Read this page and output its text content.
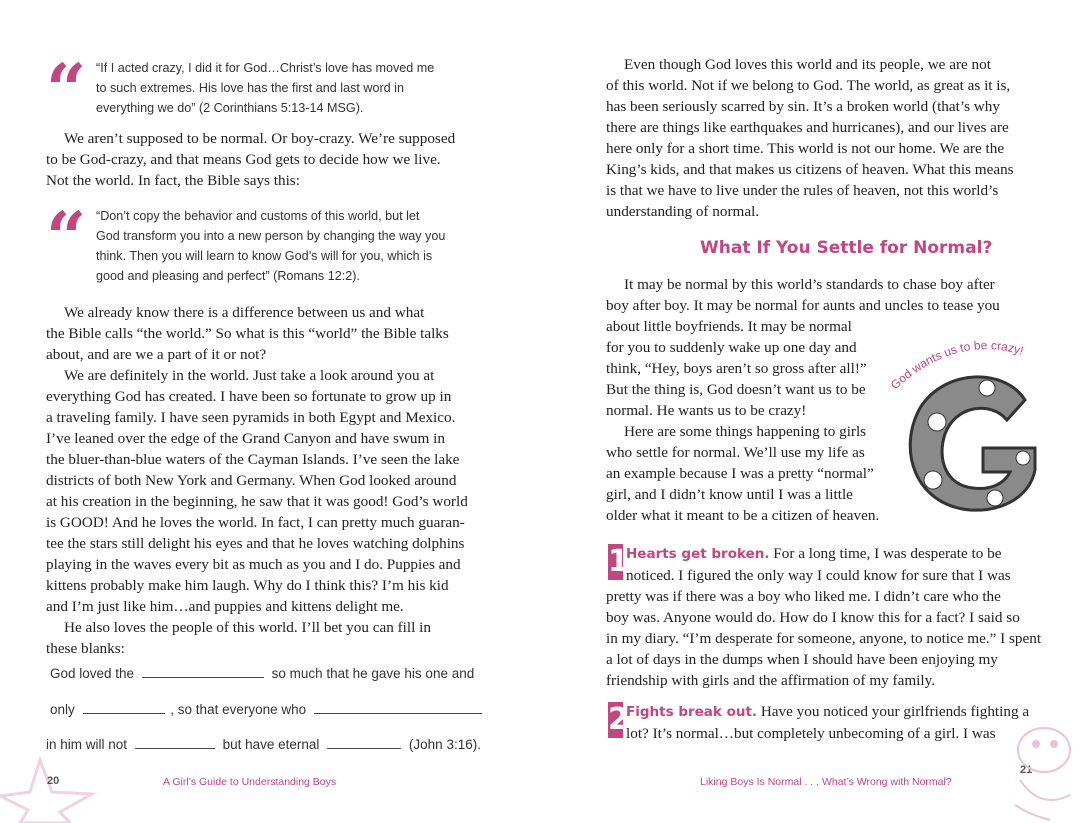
“ “If I acted crazy, I did it for God…Christ’s love has moved me
to such extremes. His love has the first and last word in
everything we do” (2 Corinthians 5:13-14 MSG).

We aren’t supposed to be normal. Or boy-crazy. We’re supposed

to be God-crazy, and that means God gets to decide how we live.

Not the world. In fact, the Bible says this:

“ “Don’t copy the behavior and customs of this world, but let
God transform you into a new person by changing the way you
think. Then you will learn to know God’s will for you, which is
good and pleasing and perfect” (Romans 12:2).

We already know there is a difference between us and what

the Bible calls “the world.” So what is this “world” the Bible talks

about, and are we a part of it or not?

We are definitely in the world. Just take a look around you at

everything God has created. I have been so fortunate to grow up in

a traveling family. I have seen pyramids in both Egypt and Mexico.

I’ve leaned over the edge of the Grand Canyon and have swum in

the bluer-than-blue waters of the Cayman Islands. I’ve seen the lake

districts of both New York and Germany. When God looked around

at his creation in the beginning, he saw that it was good! God’s world

is GOOD! And he loves the world. In fact, I can pretty much guaran-

tee the stars still delight his eyes and that he loves watching dolphins

playing in the waves every bit as much as you and I do. Puppies and

kittens probably make him laugh. Why do I think this? I’m his kid

and I’m just like him…and puppies and kittens delight me.

He also loves the people of this world. I’ll bet you can fill in

these blanks:

God loved the	so much that he gave his one and
only	, so that everyone who
in him will not	but have eternal	(John 3:16).
20	A Girl’s Guide to Understanding Boys

Even though God loves this world and its people, we are not

of this world. Not if we belong to God. The world, as great as it is,

has been seriously scarred by sin. It’s a broken world (that’s why

there are things like earthquakes and hurricanes), and our lives are

here only for a short time. This world is not our home. We are the

King’s kids, and that makes us citizens of heaven. What this means

is that we have to live under the rules of heaven, not this world’s

understanding of normal.

What If You Settle for Normal?

It may be normal by this world’s standards to chase boy after

boy after boy. It may be normal for aunts and uncles to tease you

about little boyfriends. It may be normal

for you to suddenly wake up one day and

think, “Hey, boys aren’t so gross after all!”

But the thing is, God doesn’t want us to be

normal. He wants us to be crazy!

Here are some things happening to girls

who settle for normal. We’ll use my life as

an example because I was a pretty “normal”

girl, and I didn’t know until I was a little

older what it meant to be a citizen of heaven.

God wants us to be crazy!
1

Hearts get broken. For a long time, I was desperate to be

noticed. I figured the only way I could know for sure that I was

pretty was if there was a boy who liked me. I didn’t care who the

boy was. Anyone would do. How do I know this for a fact? I said so

in my diary. “I’m desperate for someone, anyone, to notice me.” I spent

a lot of days in the dumps when I should have been enjoying my

friendship with girls and the affirmation of my family.

2

Fights break out. Have you noticed your girlfriends fighting a

lot? It’s normal…but completely unbecoming of a girl. I was

Liking Boys Is Normal . . . What’s Wrong with Normal?
21
